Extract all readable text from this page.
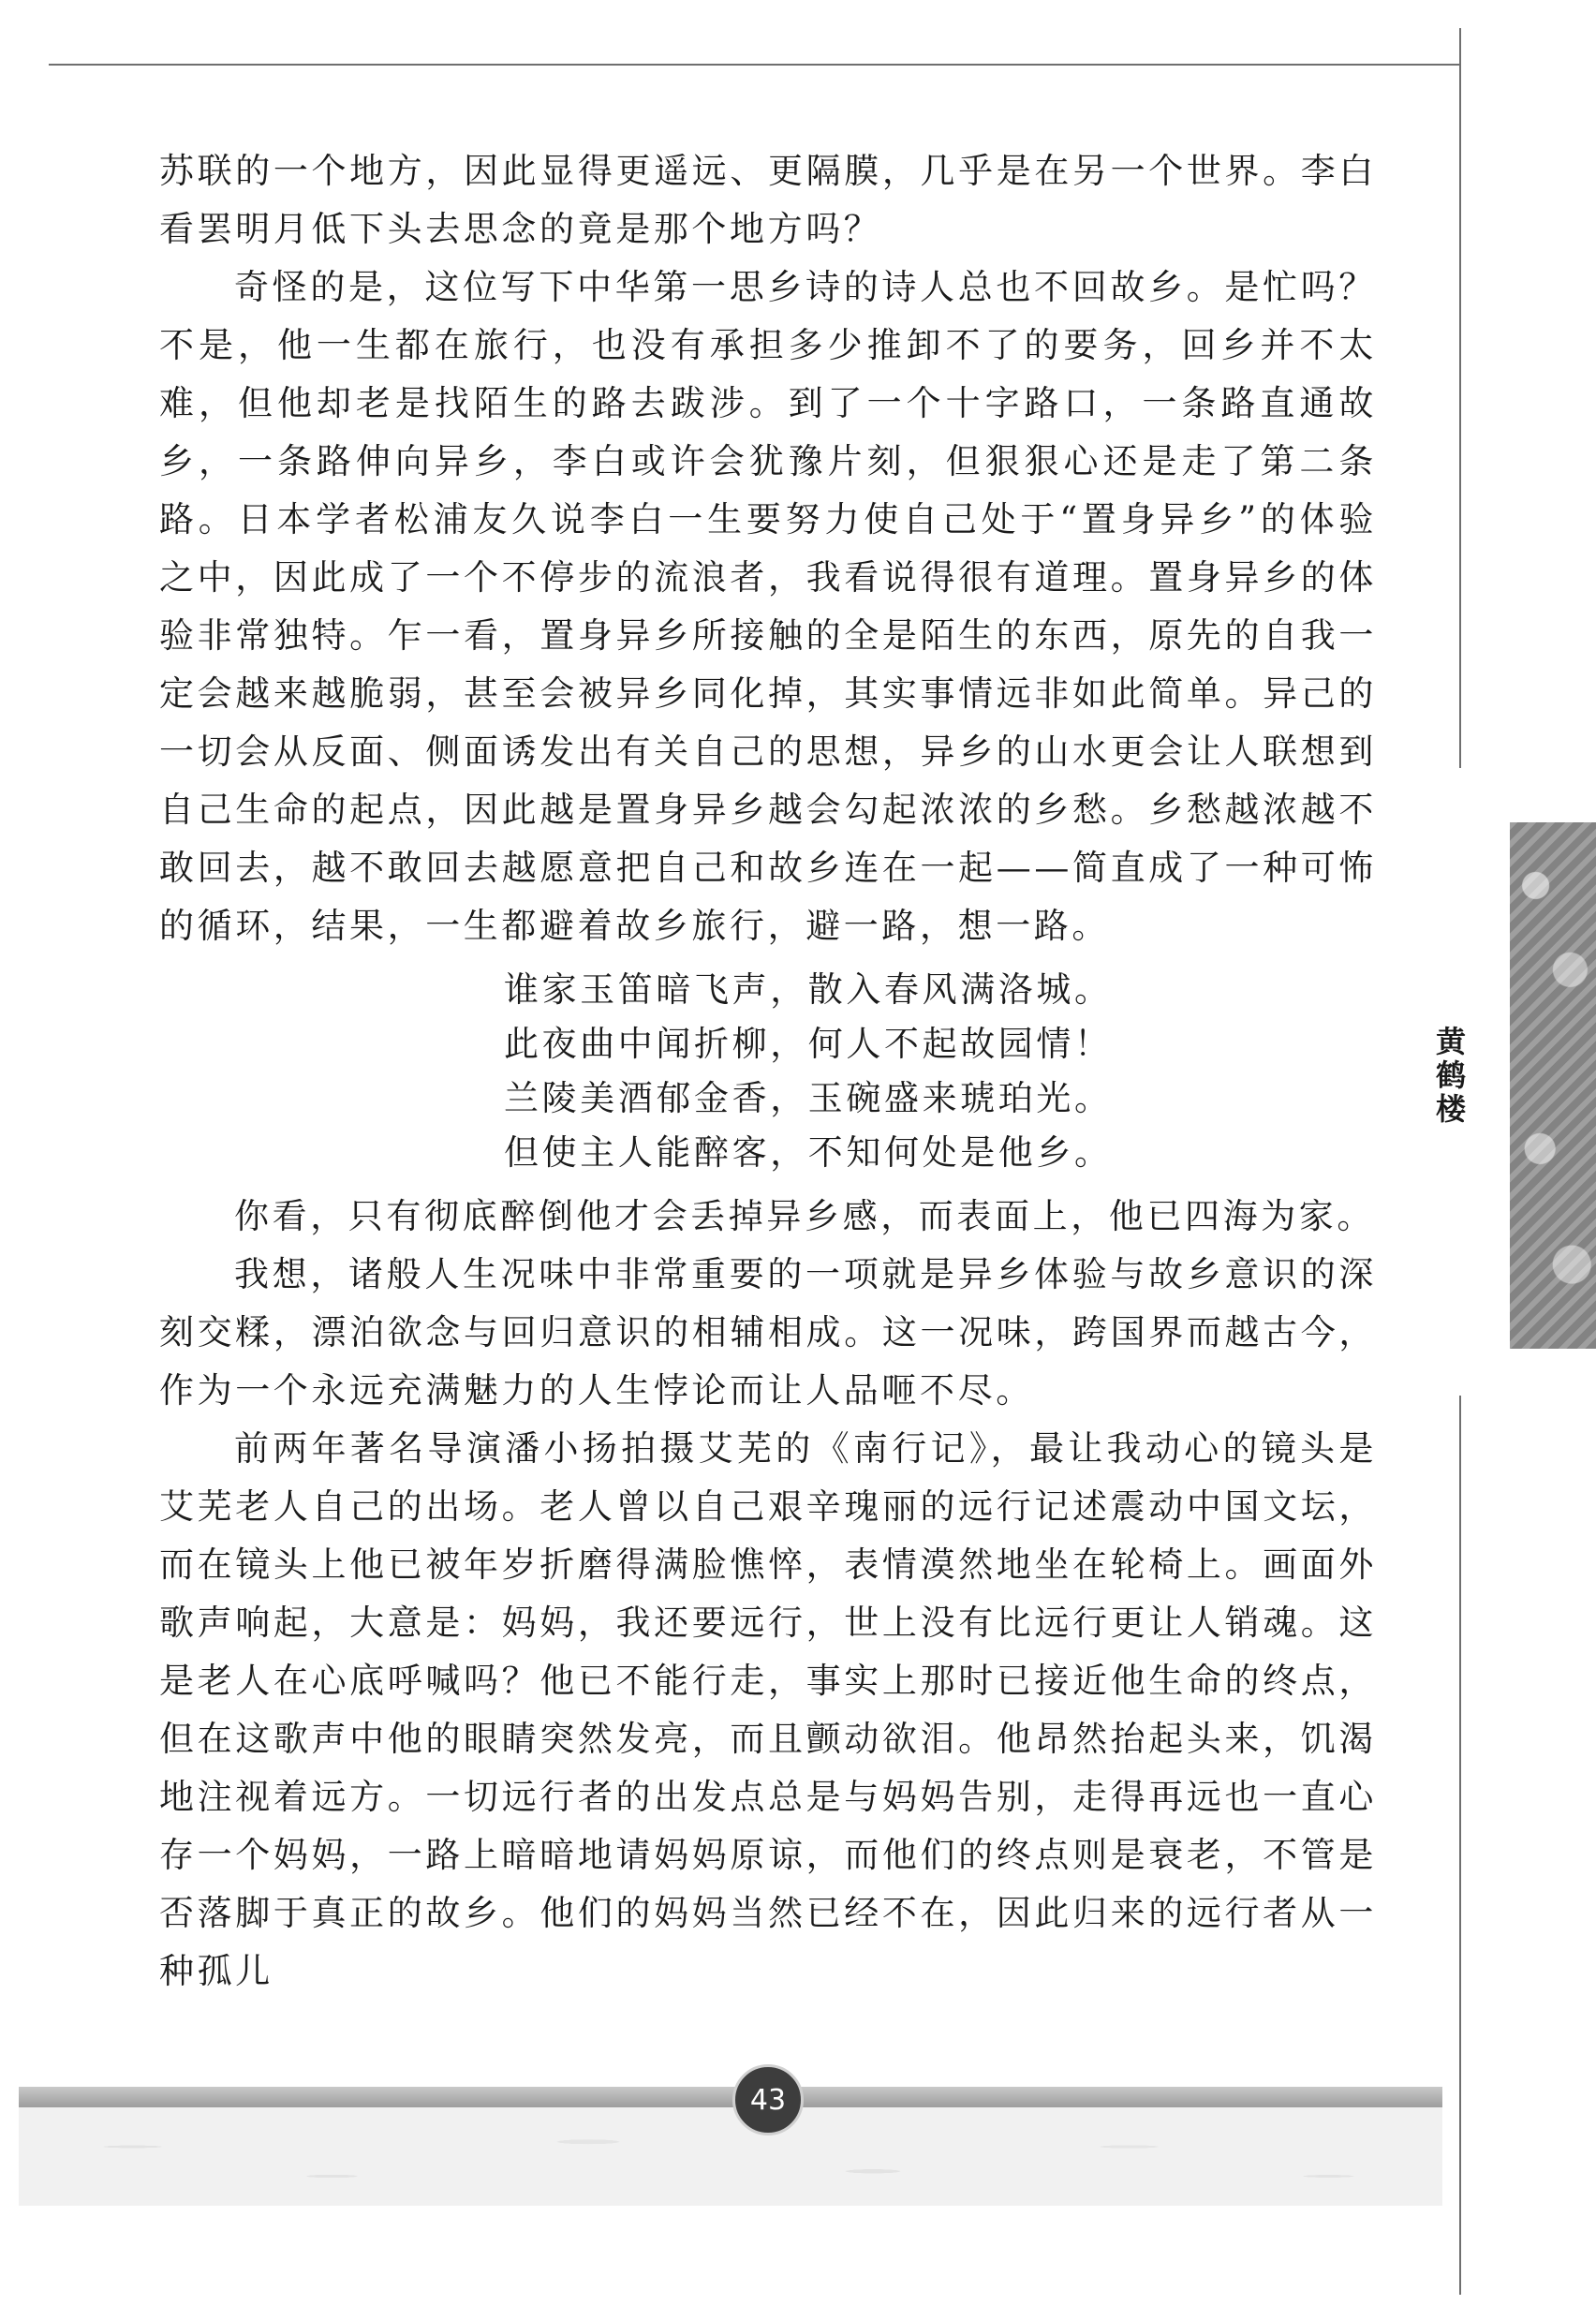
黄鹤楼

苏联的一个地方，因此显得更遥远、更隔膜，几乎是在另一个世界。李白看罢明月低下头去思念的竟是那个地方吗？

奇怪的是，这位写下中华第一思乡诗的诗人总也不回故乡。是忙吗？不是，他一生都在旅行，也没有承担多少推卸不了的要务，回乡并不太难，但他却老是找陌生的路去跋涉。到了一个十字路口，一条路直通故乡，一条路伸向异乡，李白或许会犹豫片刻，但狠狠心还是走了第二条路。日本学者松浦友久说李白一生要努力使自己处于“置身异乡”的体验之中，因此成了一个不停步的流浪者，我看说得很有道理。置身异乡的体验非常独特。乍一看，置身异乡所接触的全是陌生的东西，原先的自我一定会越来越脆弱，甚至会被异乡同化掉，其实事情远非如此简单。异己的一切会从反面、侧面诱发出有关自己的思想，异乡的山水更会让人联想到自己生命的起点，因此越是置身异乡越会勾起浓浓的乡愁。乡愁越浓越不敢回去，越不敢回去越愿意把自己和故乡连在一起——简直成了一种可怖的循环，结果，一生都避着故乡旅行，避一路，想一路。

谁家玉笛暗飞声，散入春风满洛城。
此夜曲中闻折柳，何人不起故园情！
兰陵美酒郁金香，玉碗盛来琥珀光。
但使主人能醉客，不知何处是他乡。

你看，只有彻底醉倒他才会丢掉异乡感，而表面上，他已四海为家。

我想，诸般人生况味中非常重要的一项就是异乡体验与故乡意识的深刻交糅，漂泊欲念与回归意识的相辅相成。这一况味，跨国界而越古今，作为一个永远充满魅力的人生悖论而让人品咂不尽。

前两年著名导演潘小扬拍摄艾芜的《南行记》，最让我动心的镜头是艾芜老人自己的出场。老人曾以自己艰辛瑰丽的远行记述震动中国文坛，而在镜头上他已被年岁折磨得满脸憔悴，表情漠然地坐在轮椅上。画面外歌声响起，大意是：妈妈，我还要远行，世上没有比远行更让人销魂。这是老人在心底呼喊吗？他已不能行走，事实上那时已接近他生命的终点，但在这歌声中他的眼睛突然发亮，而且颤动欲泪。他昂然抬起头来，饥渴地注视着远方。一切远行者的出发点总是与妈妈告别，走得再远也一直心存一个妈妈，一路上暗暗地请妈妈原谅，而他们的终点则是衰老，不管是否落脚于真正的故乡。他们的妈妈当然已经不在，因此归来的远行者从一种孤儿

43
